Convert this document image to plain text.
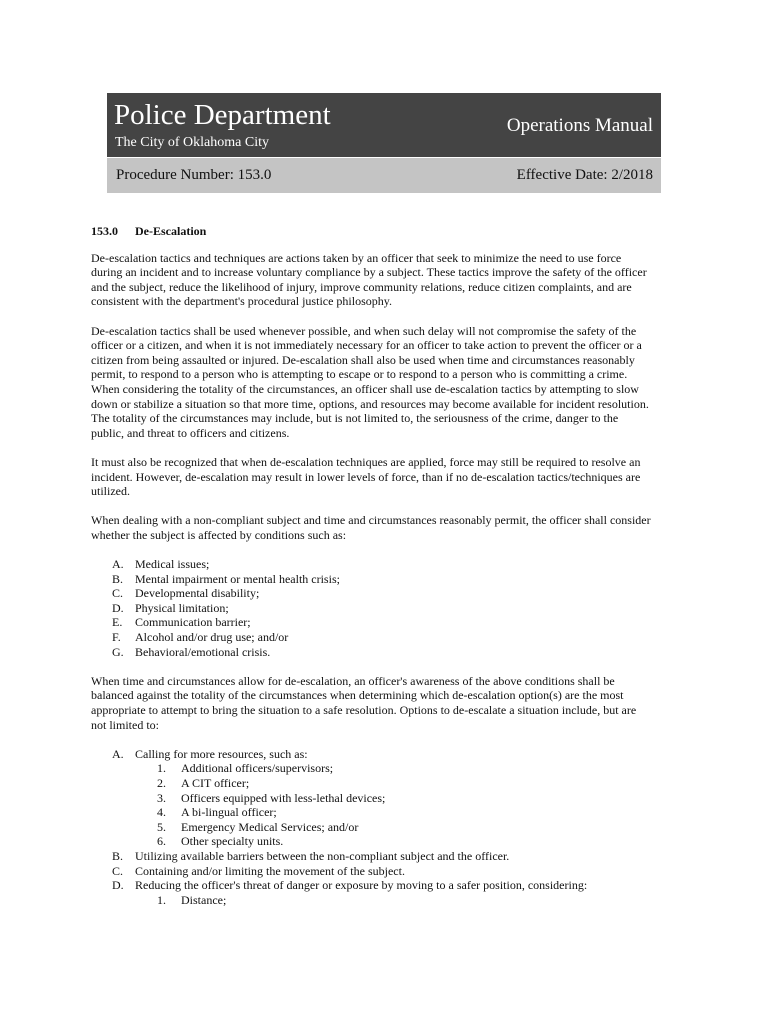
Police Department
The City of Oklahoma City
Operations Manual
Procedure Number: 153.0	Effective Date: 2/2018
153.0 De-Escalation

De-escalation tactics and techniques are actions taken by an officer that seek to minimize the need to use force
during an incident and to increase voluntary compliance by a subject. These tactics improve the safety of the officer
and the subject, reduce the likelihood of injury, improve community relations, reduce citizen complaints, and are
consistent with the department's procedural justice philosophy.

De-escalation tactics shall be used whenever possible, and when such delay will not compromise the safety of the
officer or a citizen, and when it is not immediately necessary for an officer to take action to prevent the officer or a
citizen from being assaulted or injured. De-escalation shall also be used when time and circumstances reasonably
permit, to respond to a person who is attempting to escape or to respond to a person who is committing a crime.
When considering the totality of the circumstances, an officer shall use de-escalation tactics by attempting to slow
down or stabilize a situation so that more time, options, and resources may become available for incident resolution.
The totality of the circumstances may include, but is not limited to, the seriousness of the crime, danger to the
public, and threat to officers and citizens.

It must also be recognized that when de-escalation techniques are applied, force may still be required to resolve an
incident. However, de-escalation may result in lower levels of force, than if no de-escalation tactics/techniques are
utilized.

When dealing with a non-compliant subject and time and circumstances reasonably permit, the officer shall consider
whether the subject is affected by conditions such as:

A. Medical issues;
B. Mental impairment or mental health crisis;
C. Developmental disability;
D. Physical limitation;
E. Communication barrier;
F. Alcohol and/or drug use; and/or
G. Behavioral/emotional crisis.

When time and circumstances allow for de-escalation, an officer's awareness of the above conditions shall be
balanced against the totality of the circumstances when determining which de-escalation option(s) are the most
appropriate to attempt to bring the situation to a safe resolution. Options to de-escalate a situation include, but are
not limited to:

A. Calling for more resources, such as:
1. Additional officers/supervisors;
2. A CIT officer;
3. Officers equipped with less-lethal devices;
4. A bi-lingual officer;
5. Emergency Medical Services; and/or
6. Other specialty units.
B. Utilizing available barriers between the non-compliant subject and the officer.
C. Containing and/or limiting the movement of the subject.
D. Reducing the officer's threat of danger or exposure by moving to a safer position, considering:
1. Distance;
